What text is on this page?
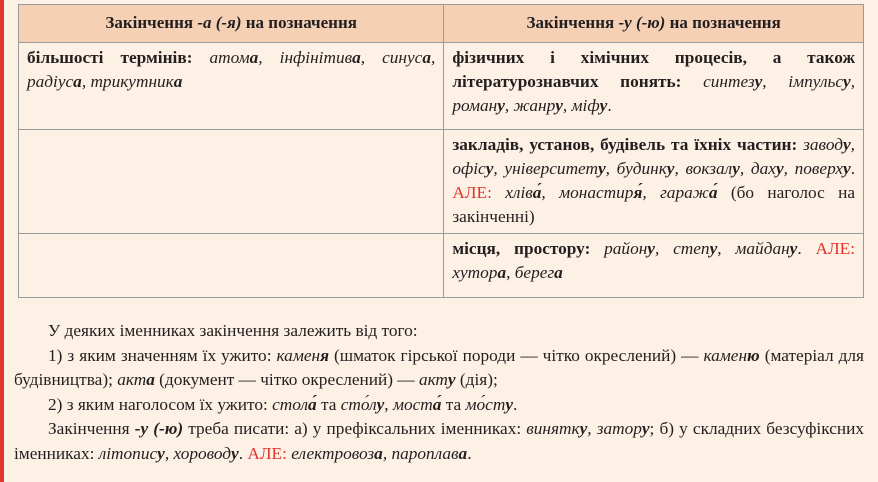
Закінчення -а (-я) на позначення	Закінчення -у (-ю) на позначення
більшості термінів: атома, інфінітива, синуса, радіуса, трикутника	фізичних і хімічних процесів, а також літературознавчих понять: синтезу, імпульсу, роману, жанру, міфу.
	закладів, установ, будівель та їхніх частин: заводу, офісу, університету, будинку, вокзалу, даху, поверху. АЛЕ: хліва́, монастиря́, гаража́ (бо наголос на закінченні)
	місця, простору: району, степу, майдану. АЛЕ: хутора, берега

У деяких іменниках закінчення залежить від того:

1) з яким значенням їх ужито: каменя (шматок гірської породи — чітко окреслений) — каменю (матеріал для будівництва); акта (документ — чітко окреслений) — акту (дія);

2) з яким наголосом їх ужито: стола́ та сто́лу, моста́ та мо́сту.

Закінчення -у (-ю) треба писати: а) у префіксальних іменниках: винятку, затору; б) у складних безсуфіксних іменниках: літопису, хороводу. АЛЕ: електровоза, пароплава.
